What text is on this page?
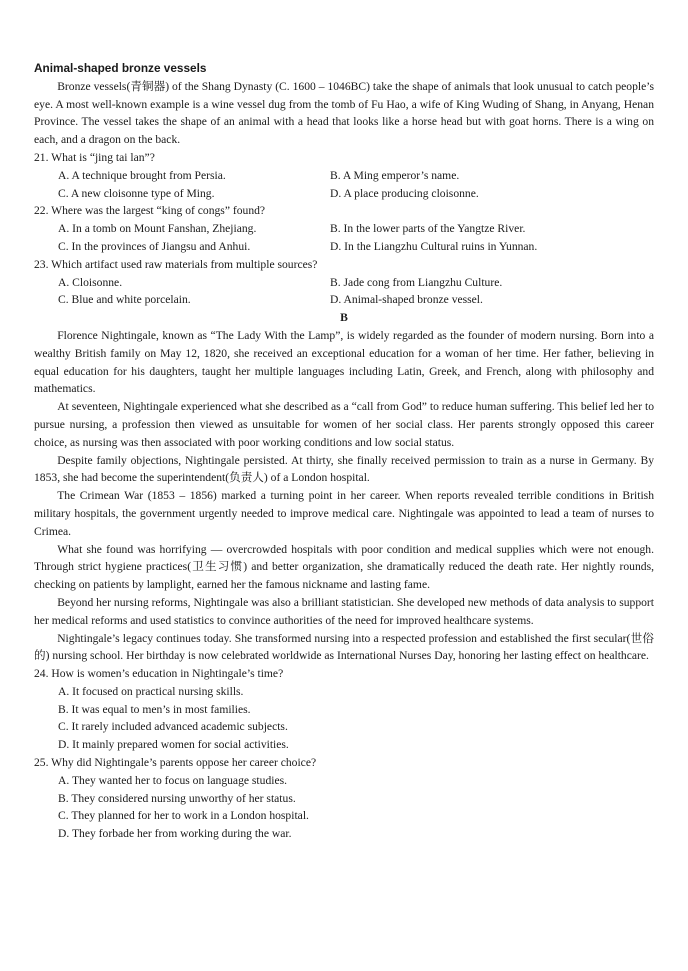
Animal-shaped bronze vessels

Bronze vessels(青铜器) of the Shang Dynasty (C. 1600 – 1046BC) take the shape of animals that look unusual to catch people’s eye. A most well-known example is a wine vessel dug from the tomb of Fu Hao, a wife of King Wuding of Shang, in Anyang, Henan Province. The vessel takes the shape of an animal with a head that looks like a horse head but with goat horns. There is a wing on each, and a dragon on the back.

21. What is “jing tai lan”?

A. A technique brought from Persia.	B. A Ming emperor’s name.
C. A new cloisonne type of Ming.	D. A place producing cloisonne.

22. Where was the largest “king of congs” found?

A. In a tomb on Mount Fanshan, Zhejiang.	B. In the lower parts of the Yangtze River.
C. In the provinces of Jiangsu and Anhui.	D. In the Liangzhu Cultural ruins in Yunnan.

23. Which artifact used raw materials from multiple sources?

A. Cloisonne.	B. Jade cong from Liangzhu Culture.
C. Blue and white porcelain.	D. Animal-shaped bronze vessel.

B

Florence Nightingale, known as “The Lady With the Lamp”, is widely regarded as the founder of modern nursing. Born into a wealthy British family on May 12, 1820, she received an exceptional education for a woman of her time. Her father, believing in equal education for his daughters, taught her multiple languages including Latin, Greek, and French, along with philosophy and mathematics.

At seventeen, Nightingale experienced what she described as a “call from God” to reduce human suffering. This belief led her to pursue nursing, a profession then viewed as unsuitable for women of her social class. Her parents strongly opposed this career choice, as nursing was then associated with poor working conditions and low social status.

Despite family objections, Nightingale persisted. At thirty, she finally received permission to train as a nurse in Germany. By 1853, she had become the superintendent(负责人) of a London hospital.

The Crimean War (1853 – 1856) marked a turning point in her career. When reports revealed terrible conditions in British military hospitals, the government urgently needed to improve medical care. Nightingale was appointed to lead a team of nurses to Crimea.

What she found was horrifying — overcrowded hospitals with poor condition and medical supplies which were not enough. Through strict hygiene practices(卫生习惯) and better organization, she dramatically reduced the death rate. Her nightly rounds, checking on patients by lamplight, earned her the famous nickname and lasting fame.

Beyond her nursing reforms, Nightingale was also a brilliant statistician. She developed new methods of data analysis to support her medical reforms and used statistics to convince authorities of the need for improved healthcare systems.

Nightingale’s legacy continues today. She transformed nursing into a respected profession and established the first secular(世俗的) nursing school. Her birthday is now celebrated worldwide as International Nurses Day, honoring her lasting effect on healthcare.

24. How is women’s education in Nightingale’s time?

A. It focused on practical nursing skills.
B. It was equal to men’s in most families.
C. It rarely included advanced academic subjects.
D. It mainly prepared women for social activities.

25. Why did Nightingale’s parents oppose her career choice?

A. They wanted her to focus on language studies.
B. They considered nursing unworthy of her status.
C. They planned for her to work in a London hospital.
D. They forbade her from working during the war.
